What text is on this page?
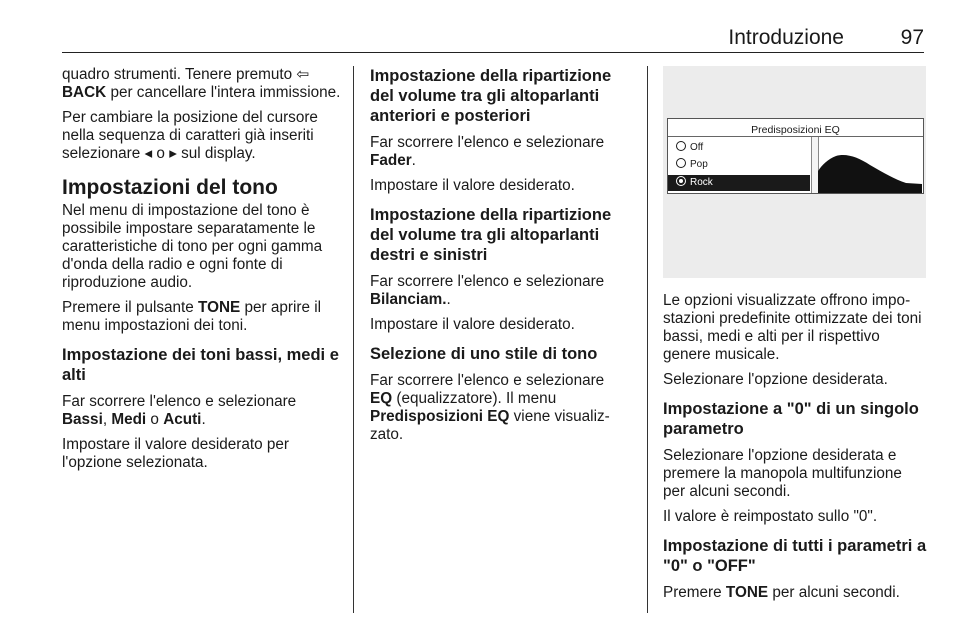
Introduzione	97

quadro strumenti. Tenere premuto ⇦ BACK per cancellare l'intera immissione.

Per cambiare la posizione del cursore nella sequenza di caratteri già inseriti selezionare ◂ o ▸ sul display.

Impostazioni del tono

Nel menu di impostazione del tono è possibile impostare separatamente le caratteristiche di tono per ogni gamma d'onda della radio e ogni fonte di riproduzione audio.

Premere il pulsante TONE per aprire il menu impostazioni dei toni.

Impostazione dei toni bassi, medi e alti

Far scorrere l'elenco e selezionare Bassi, Medi o Acuti.

Impostare il valore desiderato per l'opzione selezionata.

Impostazione della ripartizione del volume tra gli altoparlanti anteriori e posteriori

Far scorrere l'elenco e selezionare Fader.

Impostare il valore desiderato.

Impostazione della ripartizione del volume tra gli altoparlanti destri e sinistri

Far scorrere l'elenco e selezionare Bilanciam..

Impostare il valore desiderato.

Selezione di uno stile di tono

Far scorrere l'elenco e selezionare EQ (equalizzatore). Il menu Predisposizioni EQ viene visualizzato.

Predisposizioni EQ
Off
Pop
Rock

Le opzioni visualizzate offrono impostazioni predefinite ottimizzate dei toni bassi, medi e alti per il rispettivo genere musicale.

Selezionare l'opzione desiderata.

Impostazione a "0" di un singolo parametro

Selezionare l'opzione desiderata e premere la manopola multifunzione per alcuni secondi.

Il valore è reimpostato sullo "0".

Impostazione di tutti i parametri a "0" o "OFF"

Premere TONE per alcuni secondi.
